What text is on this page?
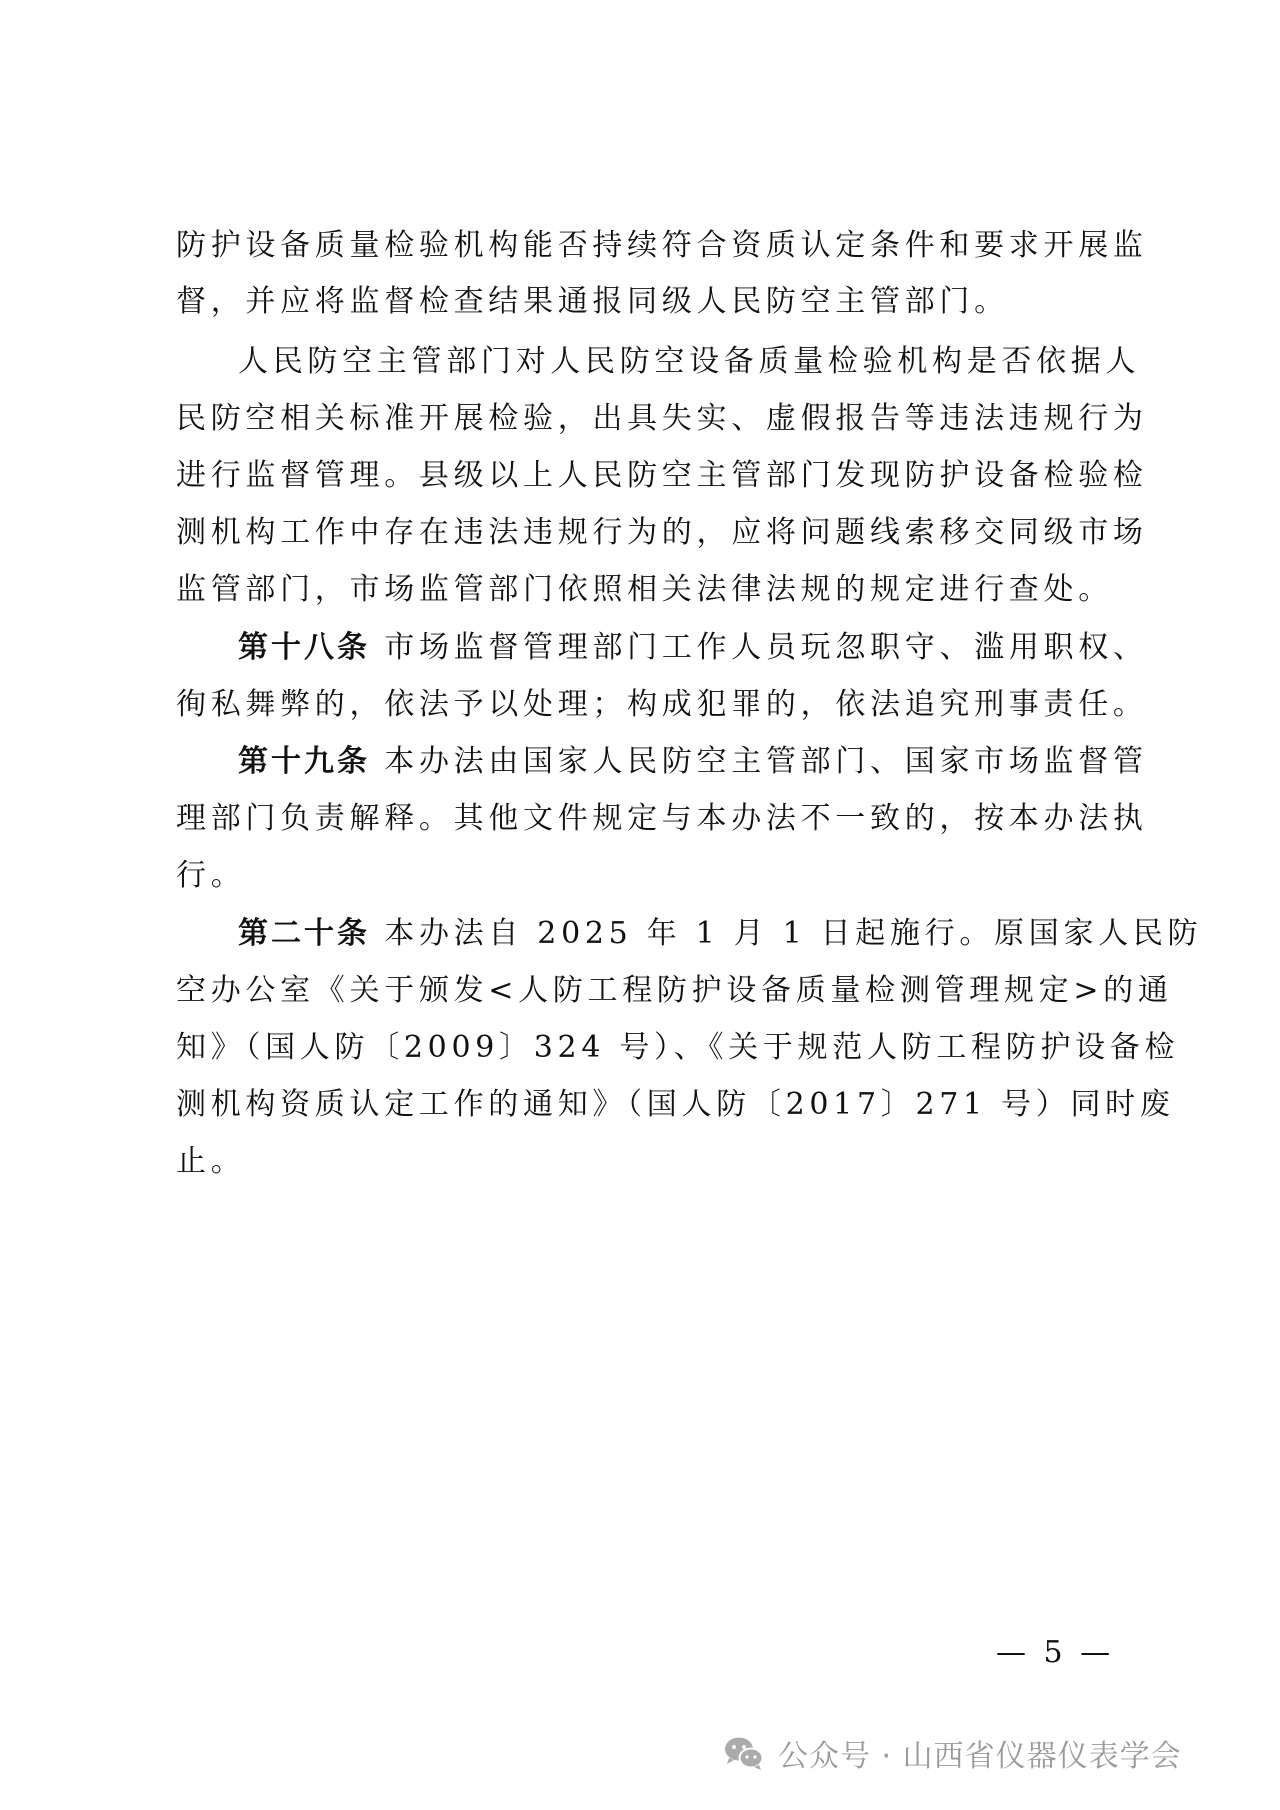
防护设备质量检验机构能否持续符合资质认定条件和要求开展监
督，并应将监督检查结果通报同级人民防空主管部门。
人民防空主管部门对人民防空设备质量检验机构是否依据人
民防空相关标准开展检验，出具失实、虚假报告等违法违规行为
进行监督管理。县级以上人民防空主管部门发现防护设备检验检
测机构工作中存在违法违规行为的，应将问题线索移交同级市场
监管部门，市场监管部门依照相关法律法规的规定进行查处。
第十八条 市场监督管理部门工作人员玩忽职守、滥用职权、
徇私舞弊的，依法予以处理；构成犯罪的，依法追究刑事责任。
第十九条 本办法由国家人民防空主管部门、国家市场监督管
理部门负责解释。其他文件规定与本办法不一致的，按本办法执
行。
第二十条 本办法自 2025 年 1 月 1 日起施行。原国家人民防
空办公室《关于颁发<人防工程防护设备质量检测管理规定>的通
知》（国人防〔2009〕324 号）、《关于规范人防工程防护设备检
测机构资质认定工作的通知》（国人防〔2017〕271 号）同时废
止。
— 5 —
公众号 · 山西省仪器仪表学会
